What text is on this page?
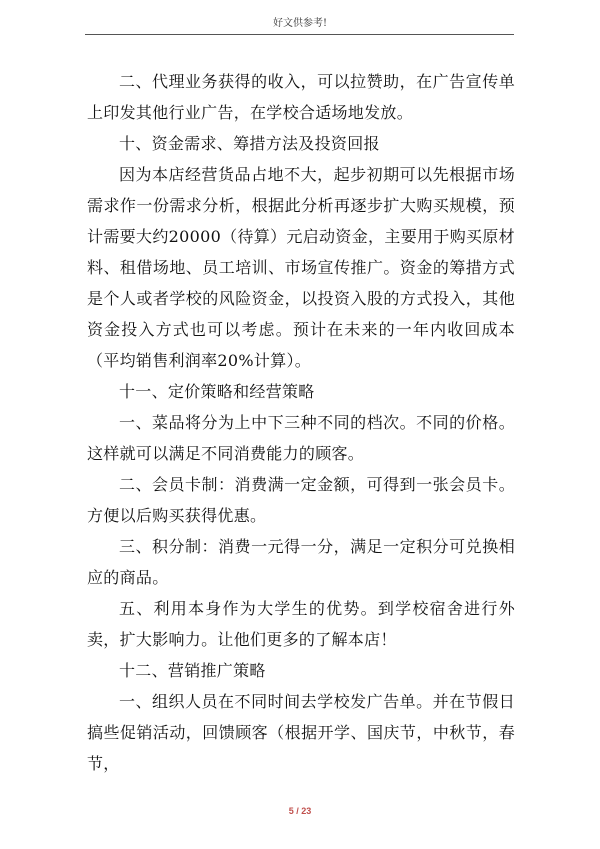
好文供参考!

二、代理业务获得的收入，可以拉赞助，在广告宣传单上印发其他行业广告，在学校合适场地发放。

十、资金需求、筹措方法及投资回报

因为本店经营货品占地不大，起步初期可以先根据市场需求作一份需求分析，根据此分析再逐步扩大购买规模，预计需要大约20000（待算）元启动资金，主要用于购买原材料、租借场地、员工培训、市场宣传推广。资金的筹措方式是个人或者学校的风险资金，以投资入股的方式投入，其他资金投入方式也可以考虑。预计在未来的一年内收回成本（平均销售利润率20%计算）。

十一、定价策略和经营策略

一、菜品将分为上中下三种不同的档次。不同的价格。这样就可以满足不同消费能力的顾客。

二、会员卡制：消费满一定金额，可得到一张会员卡。方便以后购买获得优惠。

三、积分制：消费一元得一分，满足一定积分可兑换相应的商品。

五、利用本身作为大学生的优势。到学校宿舍进行外卖，扩大影响力。让他们更多的了解本店！

十二、营销推广策略

一、组织人员在不同时间去学校发广告单。并在节假日搞些促销活动，回馈顾客（根据开学、国庆节，中秋节，春节，

5 / 23
